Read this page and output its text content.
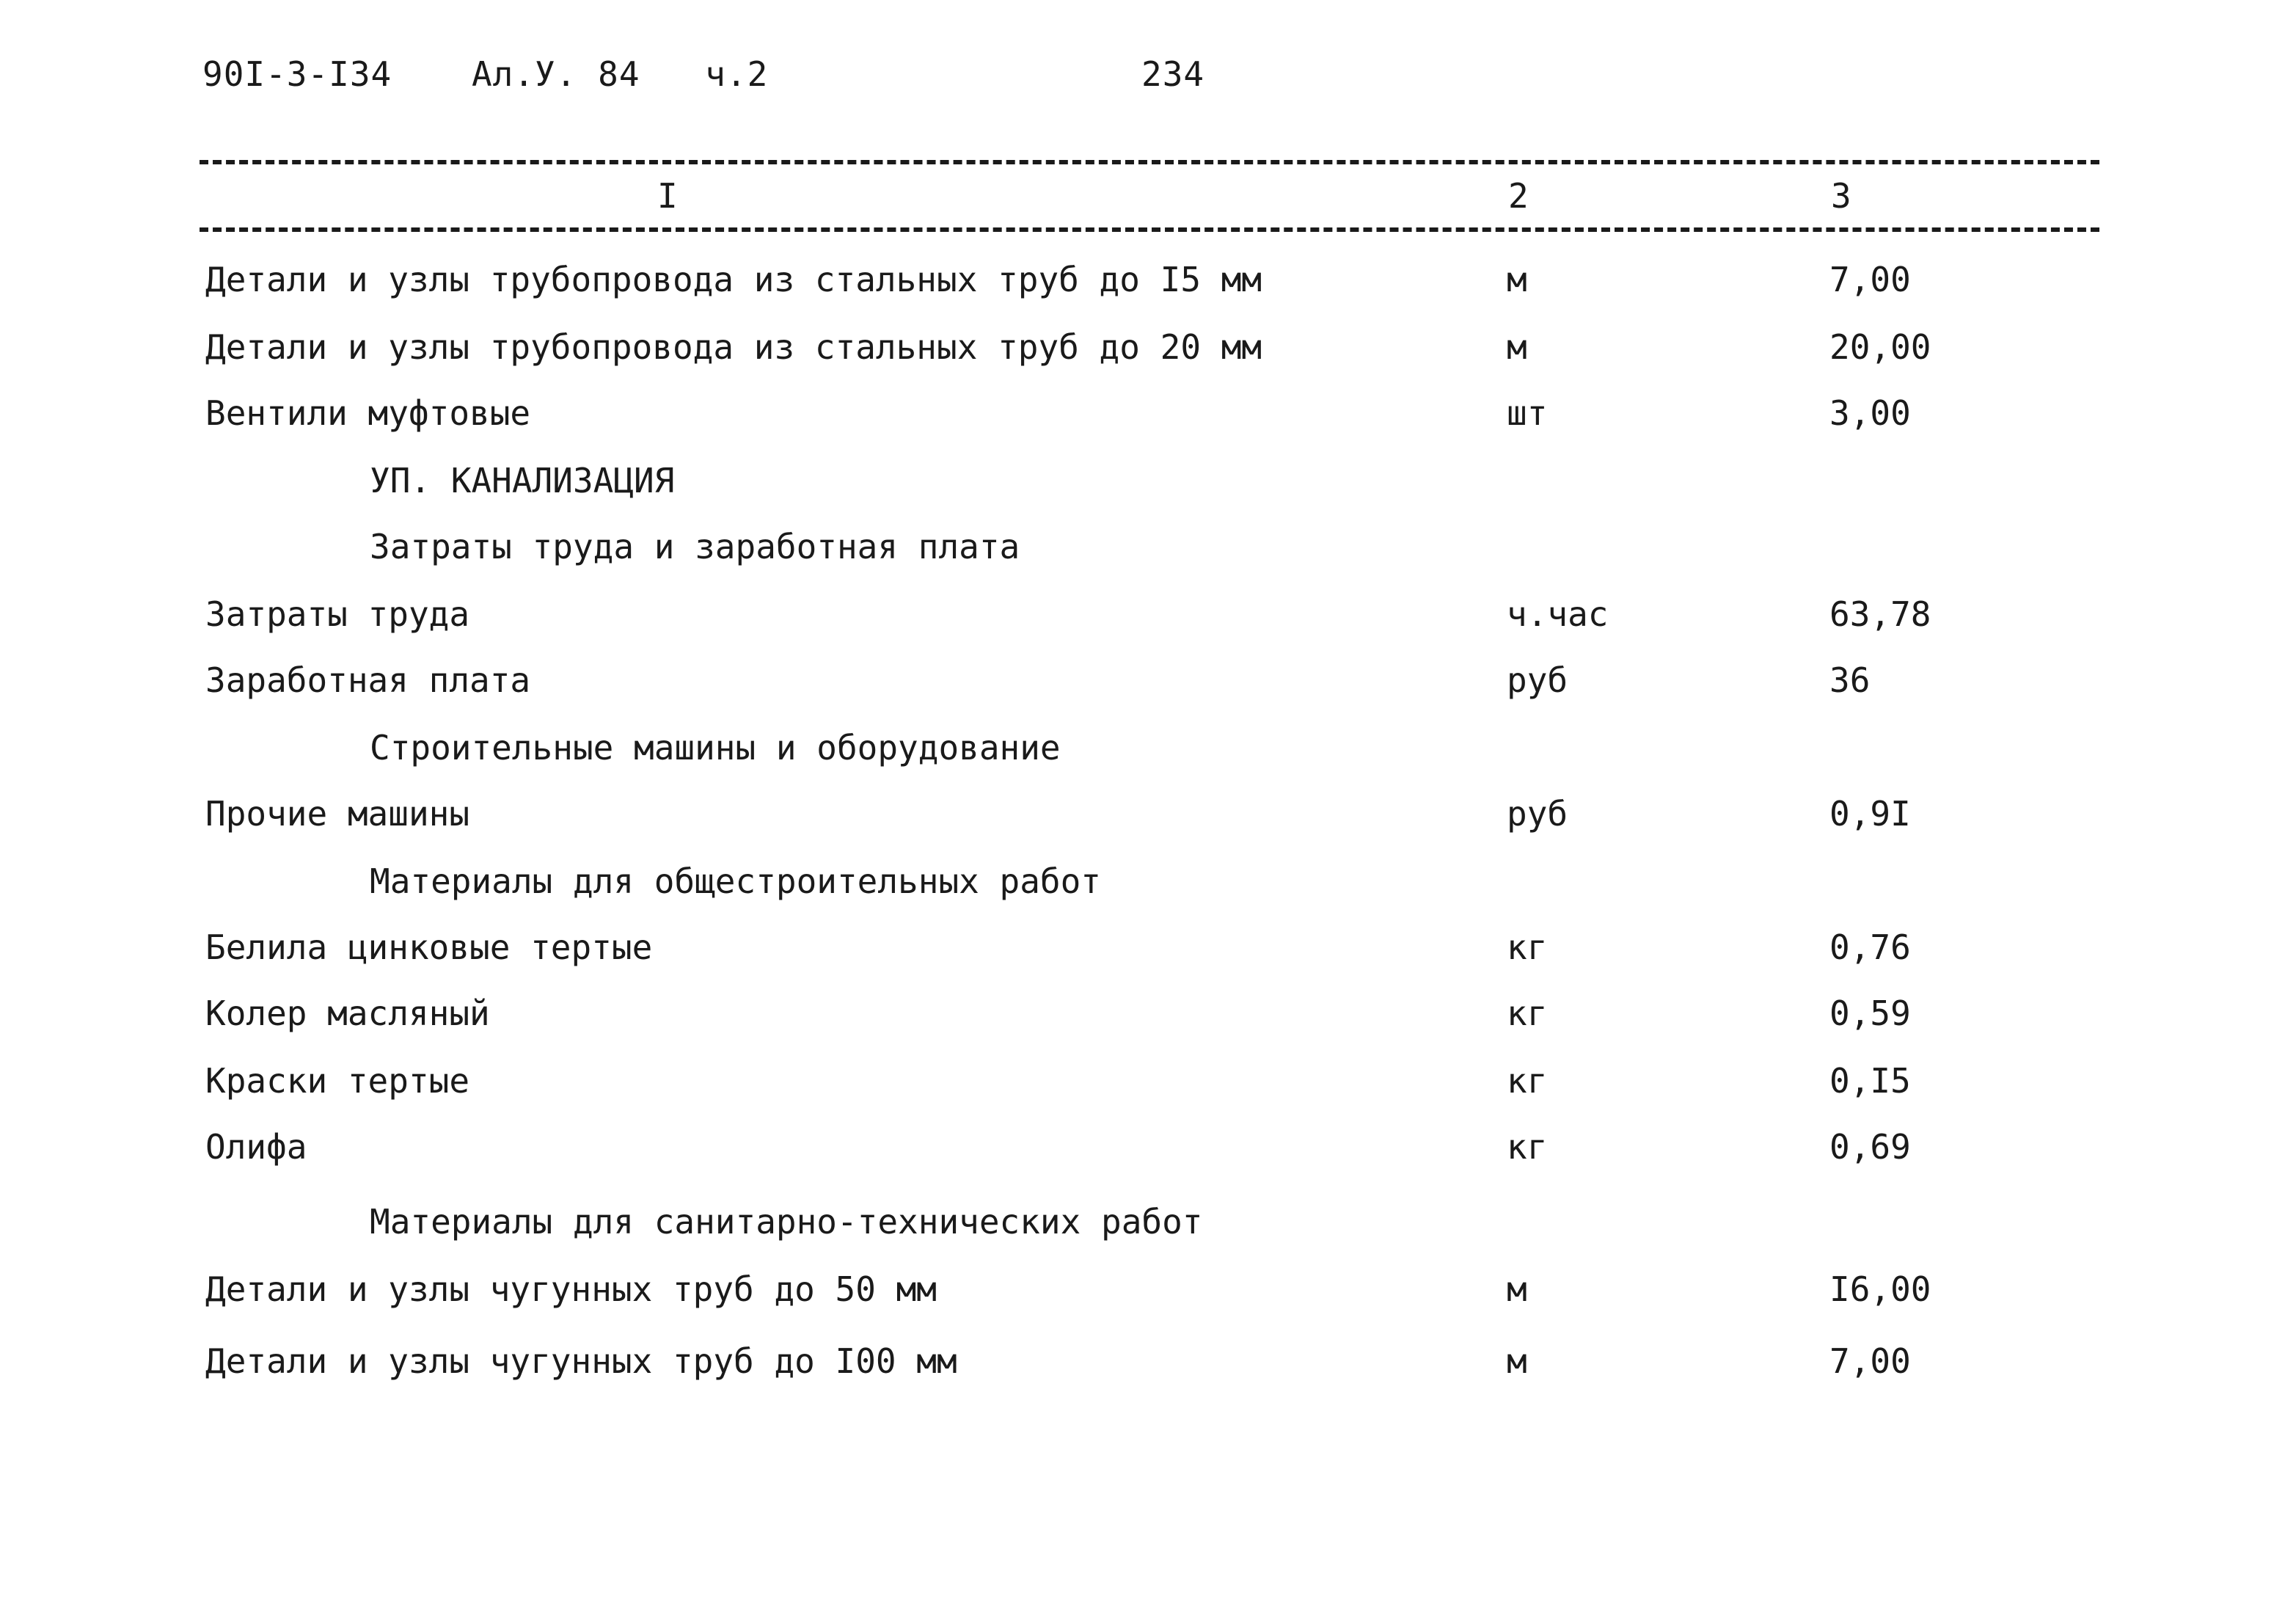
90I-3-I34 Ал.У. 84 ч.2	234
I	2	3
Детали и узлы трубопровода из стальных труб до I5 мм	м	7,00
Детали и узлы трубопровода из стальных труб до 20 мм	м	20,00
Вентили муфтовые	шт	3,00
УП. КАНАЛИЗАЦИЯ
Затраты труда и заработная плата
Затраты труда	ч.час	63,78
Заработная плата	руб	36
Строительные машины и оборудование
Прочие машины	руб	0,9I
Материалы для общестроительных работ
Белила цинковые тертые	кг	0,76
Колер масляный	кг	0,59
Краски тертые	кг	0,I5
Олифа	кг	0,69
Материалы для санитарно-технических работ
Детали и узлы чугунных труб до 50 мм	м	I6,00
Детали и узлы чугунных труб до I00 мм	м	7,00
